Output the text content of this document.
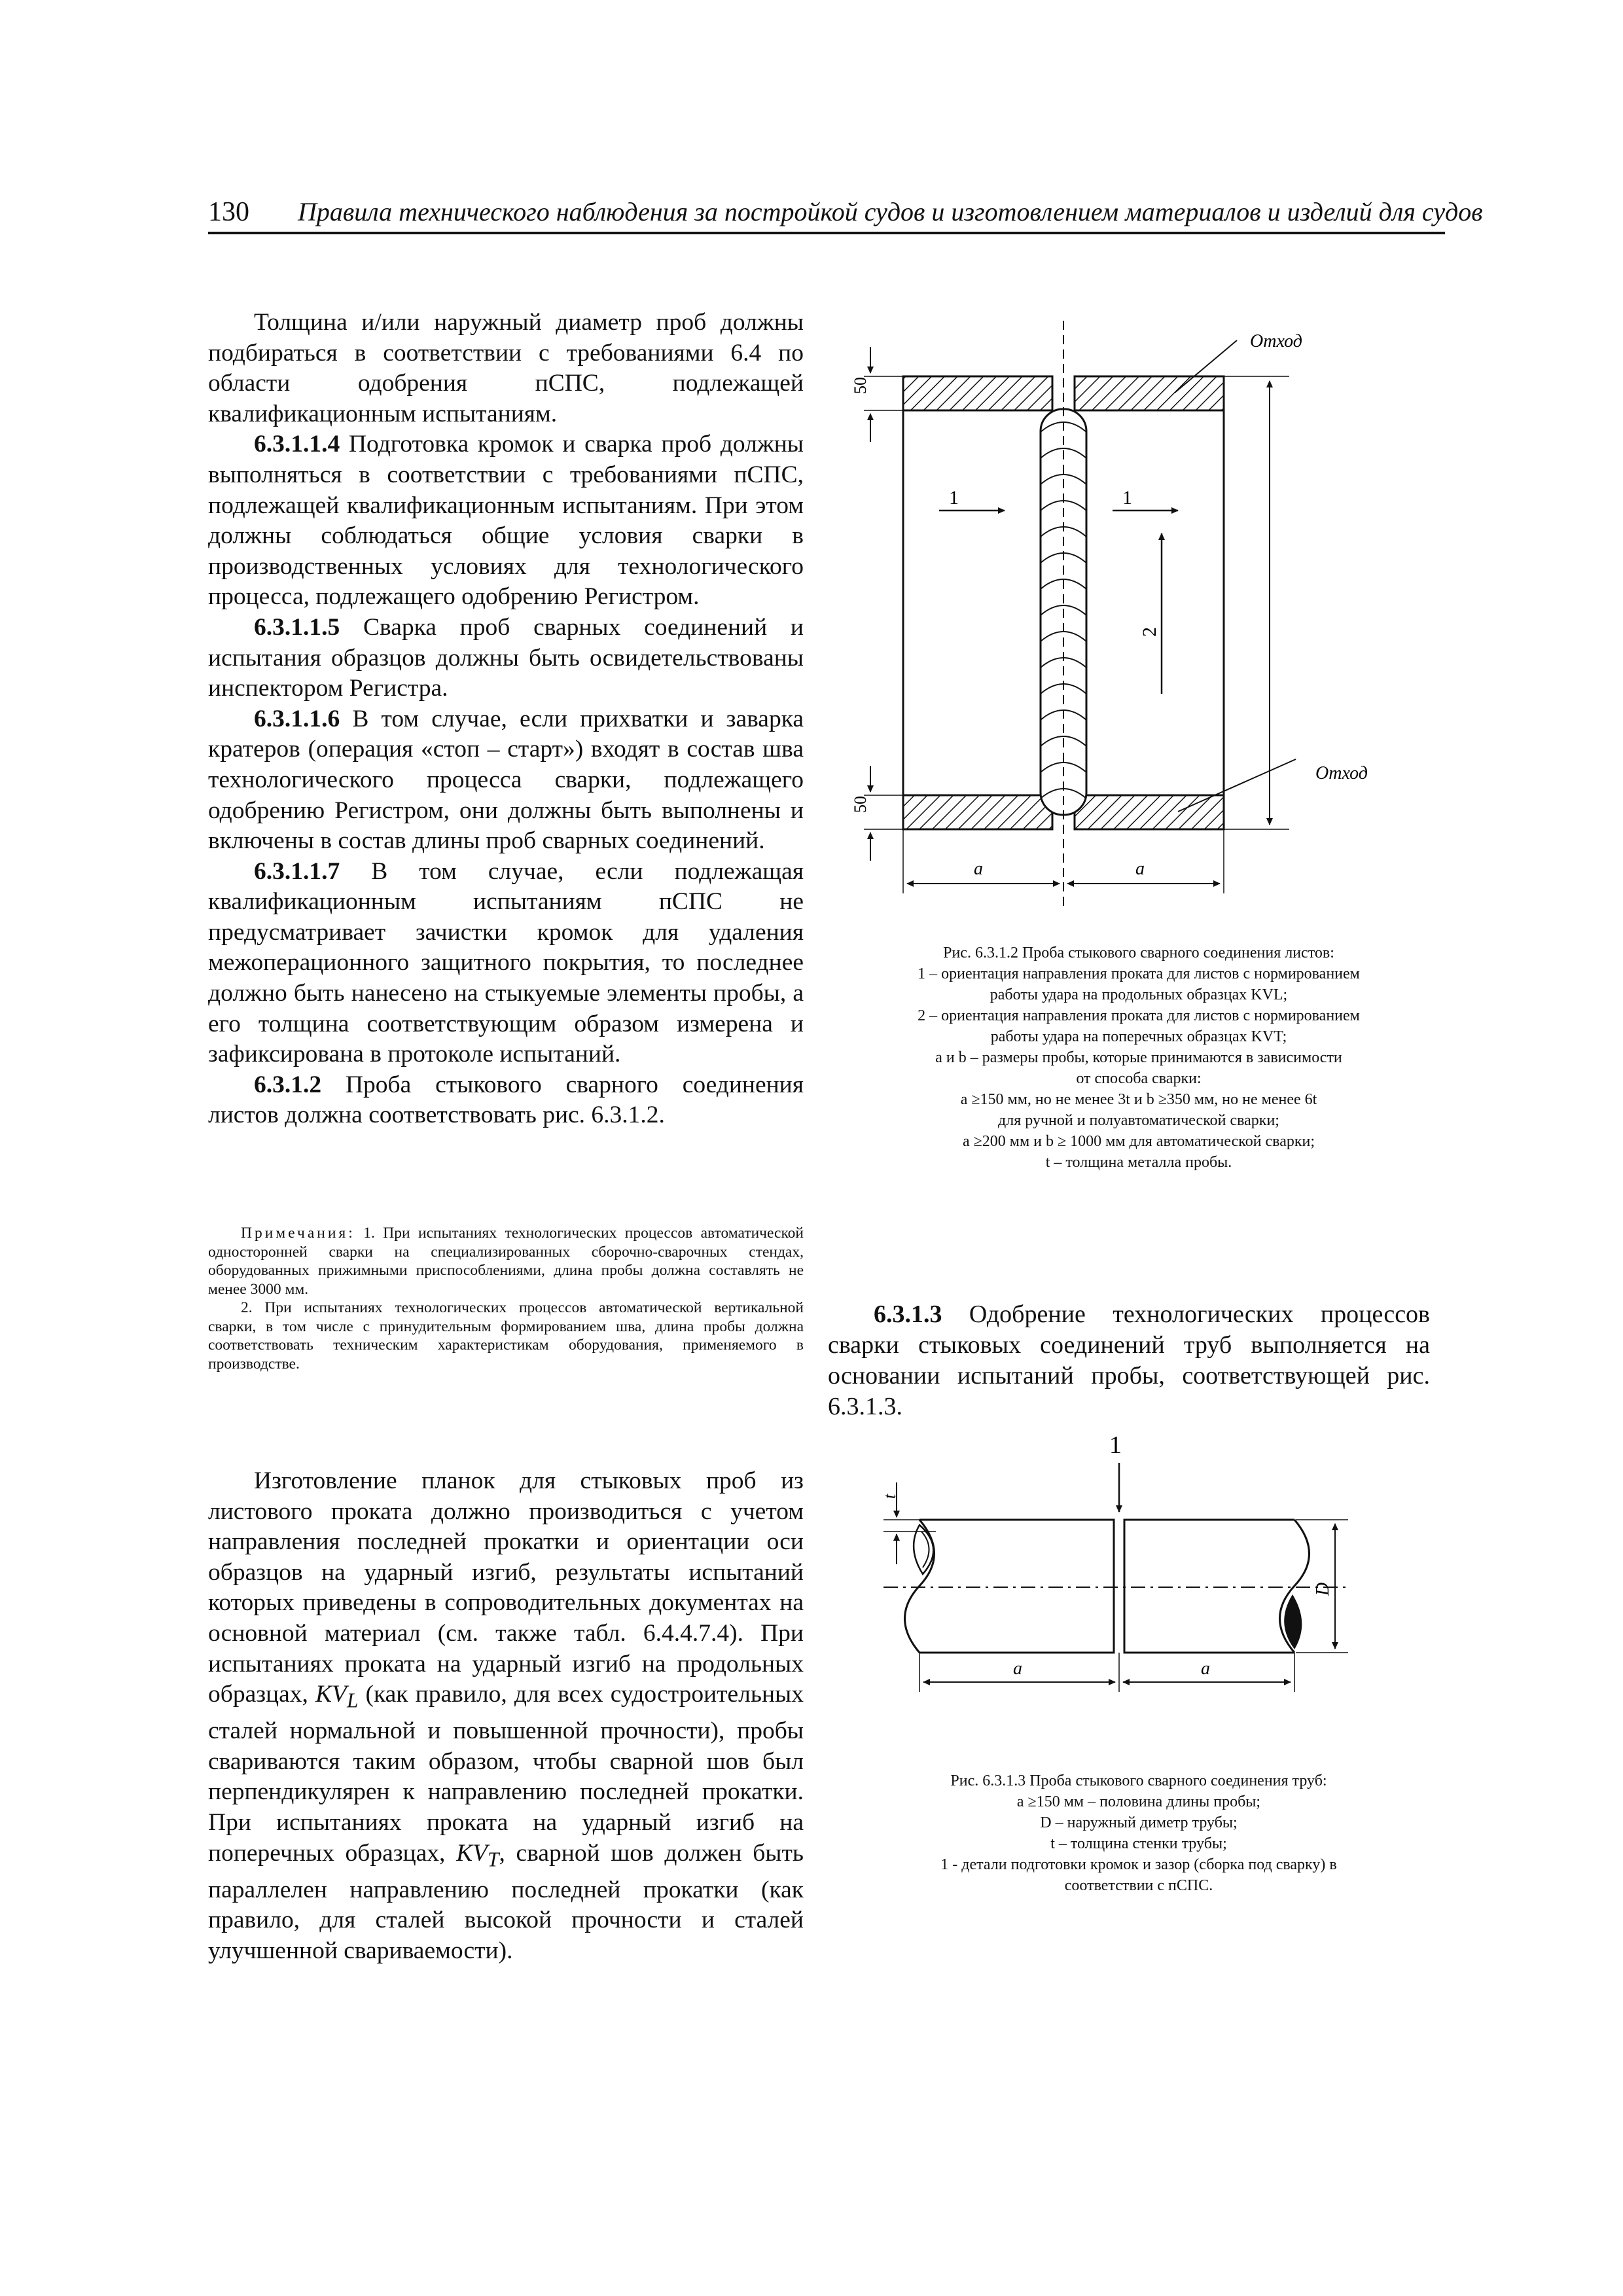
130 Правила технического наблюдения за постройкой судов и изготовлением материалов и изделий для судов

Толщина и/или наружный диаметр проб должны подбираться в соответствии с требованиями 6.4 по области одобрения пСПС, подлежащей квалификационным испытаниям.

6.3.1.1.4 Подготовка кромок и сварка проб должны выполняться в соответствии с требованиями пСПС, подлежащей квалификационным испытаниям. При этом должны соблюдаться общие условия сварки в производственных условиях для технологического процесса, подлежащего одобрению Регистром.

6.3.1.1.5 Сварка проб сварных соединений и испытания образцов должны быть освидетельствованы инспектором Регистра.

6.3.1.1.6 В том случае, если прихватки и заварка кратеров (операция «стоп – старт») входят в состав шва технологического процесса сварки, подлежащего одобрению Регистром, они должны быть выполнены и включены в состав длины проб сварных соединений.

6.3.1.1.7 В том случае, если подлежащая квалификационным испытаниям пСПС не предусматривает зачистки кромок для удаления межоперационного защитного покрытия, то последнее должно быть нанесено на стыкуемые элементы пробы, а его толщина соответствующим образом измерена и зафиксирована в протоколе испытаний.

6.3.1.2 Проба стыкового сварного соединения листов должна соответствовать рис. 6.3.1.2.

Примечания: 1. При испытаниях технологических процессов автоматической односторонней сварки на специализированных сборочно-сварочных стендах, оборудованных прижимными приспособлениями, длина пробы должна составлять не менее 3000 мм.

2. При испытаниях технологических процессов автоматической вертикальной сварки, в том числе с принудительным формированием шва, длина пробы должна соответствовать техническим характеристикам оборудования, применяемого в производстве.

Изготовление планок для стыковых проб из листового проката должно производиться с учетом направления последней прокатки и ориентации оси образцов на ударный изгиб, результаты испытаний которых приведены в сопроводительных документах на основной материал (см. также табл. 6.4.4.7.4). При испытаниях проката на ударный изгиб на продольных образцах, $KV_L$ (как правило, для всех судостроительных сталей нормальной и повышенной прочности), пробы свариваются таким образом, чтобы сварной шов был перпендикулярен к направлению последней прокатки. При испытаниях проката на ударный изгиб на поперечных образцах, $KV_T$, сварной шов должен быть параллелен направлению последней прокатки (как правило, для сталей высокой прочности и сталей улучшенной свариваемости).

50
50
1	1
2
Отход
Отход
a	a
Рис. 6.3.1.2 Проба стыкового сварного соединения листов:
1 – ориентация направления проката для листов с нормированием
работы удара на продольных образцах KVL;
2 – ориентация направления проката для листов с нормированием
работы удара на поперечных образцах KVT;
a и b – размеры пробы, которые принимаются в зависимости
от способа сварки:
a ≥150 мм, но не менее 3t и b ≥350 мм, но не менее 6t
для ручной и полуавтоматической сварки;
a ≥200 мм и b ≥ 1000 мм для автоматической сварки;
t – толщина металла пробы.

6.3.1.3 Одобрение технологических процессов сварки стыковых соединений труб выполняется на основании испытаний пробы, соответствующей рис. 6.3.1.3.

1
t
D
a	a
Рис. 6.3.1.3 Проба стыкового сварного соединения труб:
a ≥150 мм – половина длины пробы;
D – наружный диметр трубы;
t – толщина стенки трубы;
1 - детали подготовки кромок и зазор (сборка под сварку) в
соответствии с пСПС.
